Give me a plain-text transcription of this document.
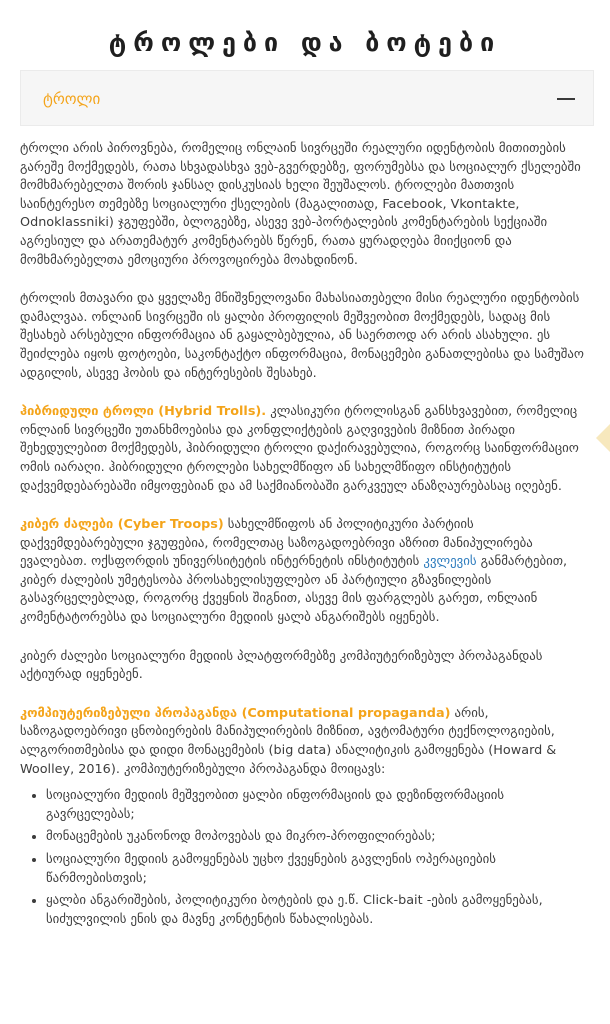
ტროლები და ბოტები
ტროლი

ტროლი არის პიროვნება, რომელიც ონლაინ სივრცეში რეალური იდენტობის მითითების გარეშე მოქმედებს, რათა სხვადასხვა ვებ-გვერდებზე, ფორუმებსა და სოციალურ ქსელებში მომხმარებელთა შორის ჯანსაღ დისკუსიას ხელი შეუშალოს. ტროლები მათთვის საინტერესო თემებზე სოციალური ქსელების (მაგალითად, Facebook, Vkontakte, Odnoklassniki) ჯგუფებში, ბლოგებზე, ასევე ვებ-პორტალების კომენტარების სექციაში აგრესიულ და არათემატურ კომენტარებს წერენ, რათა ყურადღება მიიქციონ და მომხმარებელთა ემოციური პროვოცირება მოახდინონ.

ტროლის მთავარი და ყველაზე მნიშვნელოვანი მახასიათებელი მისი რეალური იდენტობის დამალვაა. ონლაინ სივრცეში ის ყალბი პროფილის მეშვეობით მოქმედებს, სადაც მის შესახებ არსებული ინფორმაცია ან გაყალბებულია, ან საერთოდ არ არის ასახული. ეს შეიძლება იყოს ფოტოები, საკონტაქტო ინფორმაცია, მონაცემები განათლებისა და სამუშაო ადგილის, ასევე ჰობის და ინტერესების შესახებ.

ჰიბრიდული ტროლი (Hybrid Trolls). კლასიკური ტროლისგან განსხვავებით, რომელიც ონლაინ სივრცეში უთანხმოებისა და კონფლიქტების გაღვივების მიზნით პირადი შეხედულებით მოქმედებს, ჰიბრიდული ტროლი დაქირავებულია, როგორც საინფორმაციო ომის იარაღი. ჰიბრიდული ტროლები სახელმწიფო ან სახელმწიფო ინსტიტუტის დაქვემდებარებაში იმყოფებიან და ამ საქმიანობაში გარკვეულ ანაზღაურებასაც იღებენ.

კიბერ ძალები (Cyber Troops) სახელმწიფოს ან პოლიტიკური პარტიის დაქვემდებარებული ჯგუფებია, რომელთაც საზოგადოებრივი აზრით მანიპულირება ევალებათ. ოქსფორდის უნივერსიტეტის ინტერნეტის ინსტიტუტის კვლევის განმარტებით, კიბერ ძალების უმეტესობა პროსახელისუფლებო ან პარტიული გზავნილების გასავრცელებლად, როგორც ქვეყნის შიგნით, ასევე მის ფარგლებს გარეთ, ონლაინ კომენტატორებსა და სოციალური მედიის ყალბ ანგარიშებს იყენებს.

კიბერ ძალები სოციალური მედიის პლატფორმებზე კომპიუტერიზებულ პროპაგანდას აქტიურად იყენებენ.

კომპიუტერიზებული პროპაგანდა (Computational propaganda) არის, საზოგადოებრივი ცნობიერების მანიპულირების მიზნით, ავტომატური ტექნოლოგიების, ალგორითმებისა და დიდი მონაცემების (big data) ანალიტიკის გამოყენება (Howard & Woolley, 2016). კომპიუტერიზებული პროპაგანდა მოიცავს:

• სოციალური მედიის მეშვეობით ყალბი ინფორმაციის და დეზინფორმაციის გავრცელებას;
• მონაცემების უკანონოდ მოპოვებას და მიკრო-პროფილირებას;
• სოციალური მედიის გამოყენებას უცხო ქვეყნების გავლენის ოპერაციების წარმოებისთვის;
• ყალბი ანგარიშების, პოლიტიკური ბოტების და ე.წ. Click-bait -ების გამოყენებას, სიძულვილის ენის და მავნე კონტენტის წახალისებას.
